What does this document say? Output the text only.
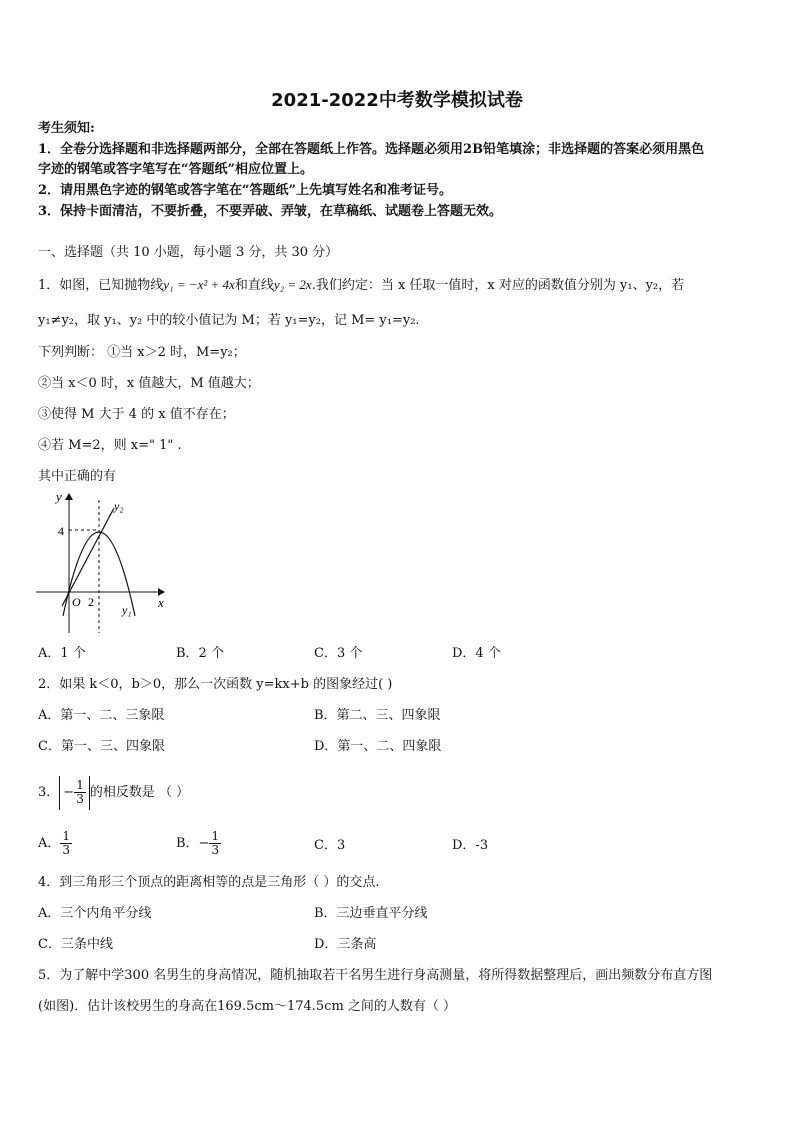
2021-2022中考数学模拟试卷
考生须知:
1．全卷分选择题和非选择题两部分，全部在答题纸上作答。选择题必须用2B铅笔填涂；非选择题的答案必须用黑色
字迹的钢笔或答字笔写在“答题纸”相应位置上。
2．请用黑色字迹的钢笔或答字笔在“答题纸”上先填写姓名和准考证号。
3．保持卡面清洁，不要折叠，不要弄破、弄皱，在草稿纸、试题卷上答题无效。
一、选择题（共 10 小题，每小题 3 分，共 30 分）
1．如图，已知抛物线y₁ = −x² + 4x和直线y₂ = 2x.我们约定：当 x 任取一值时，x 对应的函数值分别为 y₁、y₂，若
y₁≠y₂，取 y₁、y₂ 中的较小值记为 M；若 y₁=y₂，记 M= y₁=y₂.
下列判断： ①当 x＞2 时，M=y₂；
②当 x＜0 时，x 值越大，M 值越大；
③使得 M 大于 4 的 x 值不存在；
④若 M=2，则 x=" 1" .
其中正确的有
y
x
y₂
y₁
O 2
4
A．1 个	B．2 个	C．3 个	D．4 个
2．如果 k＜0，b＞0，那么一次函数 y=kx+b 的图象经过( )
A．第一、二、三象限	B．第二、三、四象限
C．第一、三、四象限	D．第一、二、四象限
3． − $\frac{1}{3}$ 的相反数是 （ ）
A． $\frac{1}{3}$	B．− $\frac{1}{3}$	C．3	D．-3
4．到三角形三个顶点的距离相等的点是三角形（ ）的交点.
A．三个内角平分线	B．三边垂直平分线
C．三条中线	D．三条高
5．为了解中学300 名男生的身高情况，随机抽取若干名男生进行身高测量，将所得数据整理后，画出频数分布直方图
(如图)．估计该校男生的身高在169.5cm～174.5cm 之间的人数有（ ）
